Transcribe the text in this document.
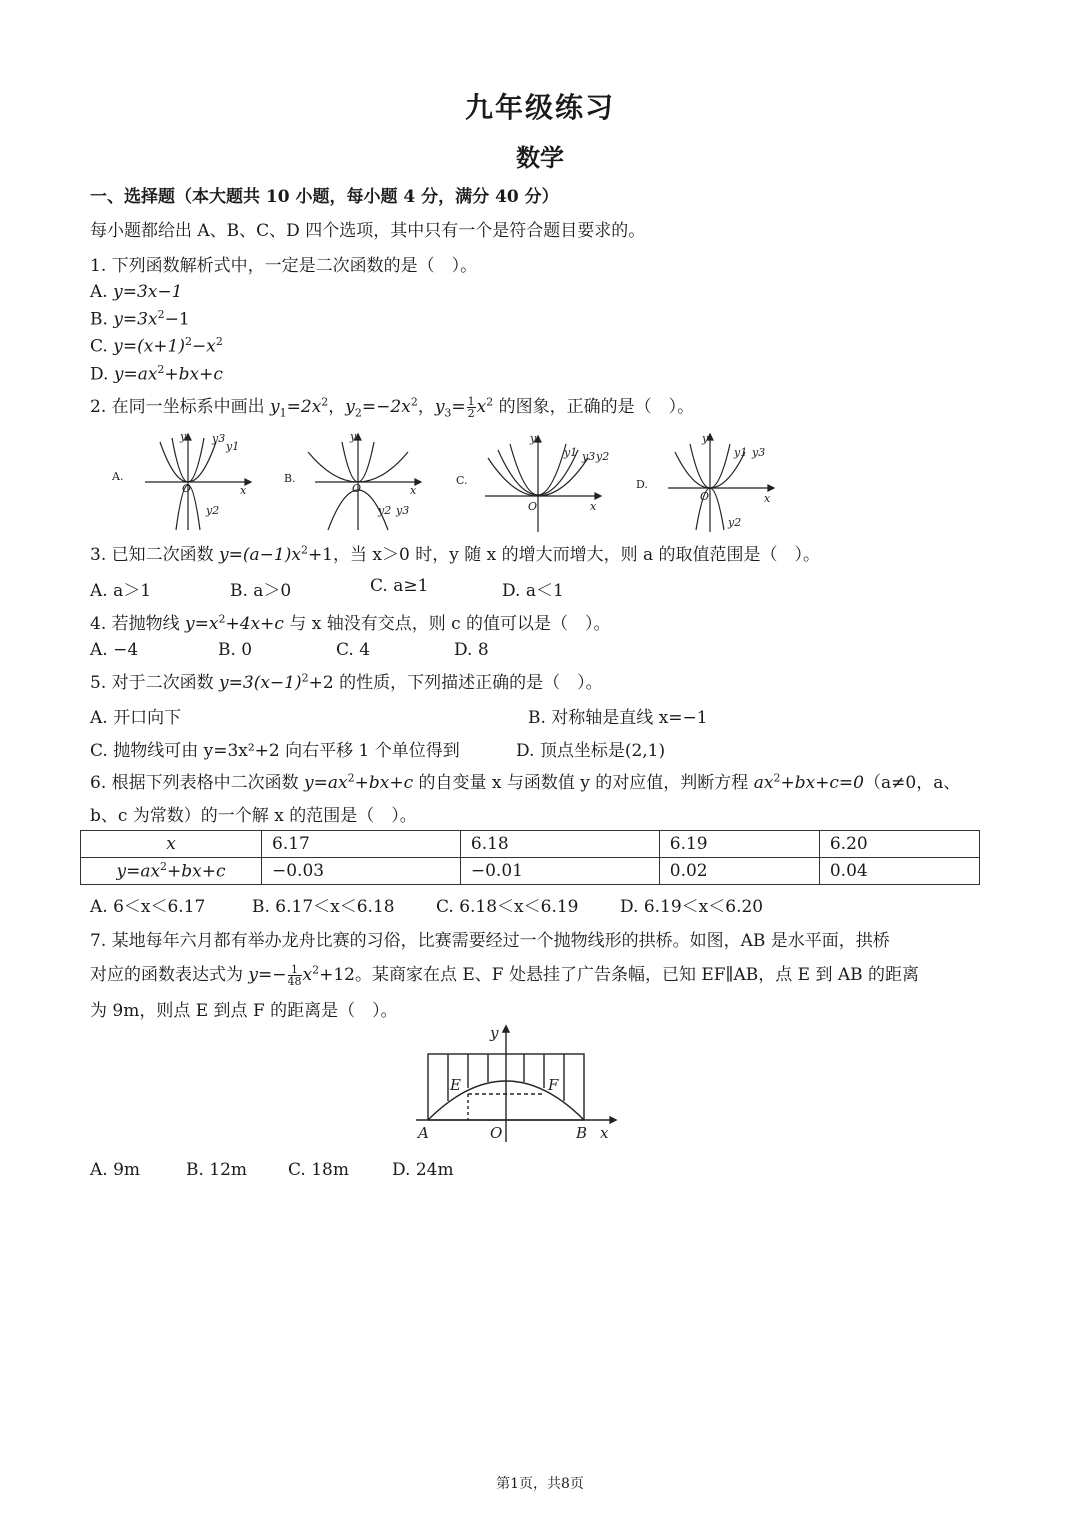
九年级练习
数学
一、选择题（本大题共 10 小题，每小题 4 分，满分 40 分）
每小题都给出 A、B、C、D 四个选项，其中只有一个是符合题目要求的。
1. 下列函数解析式中，一定是二次函数的是（　）。
A. y=3x−1
B. $y=3x^2-1$
C. $y=(x+1)^2-x^2$
D. $y=ax^2+bx+c$
2. 在同一坐标系中画出 $y_1=2x^2$，$y_2=-2x^2$，$y_3= \frac{1}{2} x^2$ 的图象，正确的是（　）。
A.
O	x
y y3
y1
y2
B.
O	x
y
y2 y3
C.
O	x
y
y1 y3 y2
D.
O	x
y
y1 y3
y2
3. 已知二次函数 $y=(a-1)x^2+1$，当 x＞0 时，y 随 x 的增大而增大，则 a 的取值范围是（　）。
A. a＞1	B. a＞0	C. a≥1	D. a＜1
4. 若抛物线 $y=x^2+4x+c$ 与 x 轴没有交点，则 c 的值可以是（　）。
A. −4	B. 0	C. 4	D. 8
5. 对于二次函数 $y=3(x-1)^2+2$ 的性质，下列描述正确的是（　）。
A. 开口向下	B. 对称轴是直线 x=−1
C. 抛物线可由 y=3x²+2 向右平移 1 个单位得到	D. 顶点坐标是(2,1)
6. 根据下列表格中二次函数 $y=ax^2+bx+c$ 的自变量 x 与函数值 y 的对应值，判断方程 $ax^2+bx+c=0(a\ne 0$，a、
b、c 为常数）的一个解 x 的范围是（　）。
x	6.17	6.18	6.19	6.20
$y=ax^2+bx+c$	−0.03	−0.01	0.02	0.04
A. 6＜x＜6.17	B. 6.17＜x＜6.18 C. 6.18＜x＜6.19 D. 6.19＜x＜6.20
7. 某地每年六月都有举办龙舟比赛的习俗，比赛需要经过一个抛物线形的拱桥。如图，AB 是水平面，拱桥
对应的函数表达式为 $y=- \frac{1}{48} x^2+12$。某商家在点 E、F 处悬挂了广告条幅，已知 EF∥AB，点 E 到 AB 的距离
为 9m，则点 E 到点 F 的距离是（　）。
A	B
O	x
y
E	F
A. 9m	B. 12m C. 18m	D. 24m
第1页，共8页
